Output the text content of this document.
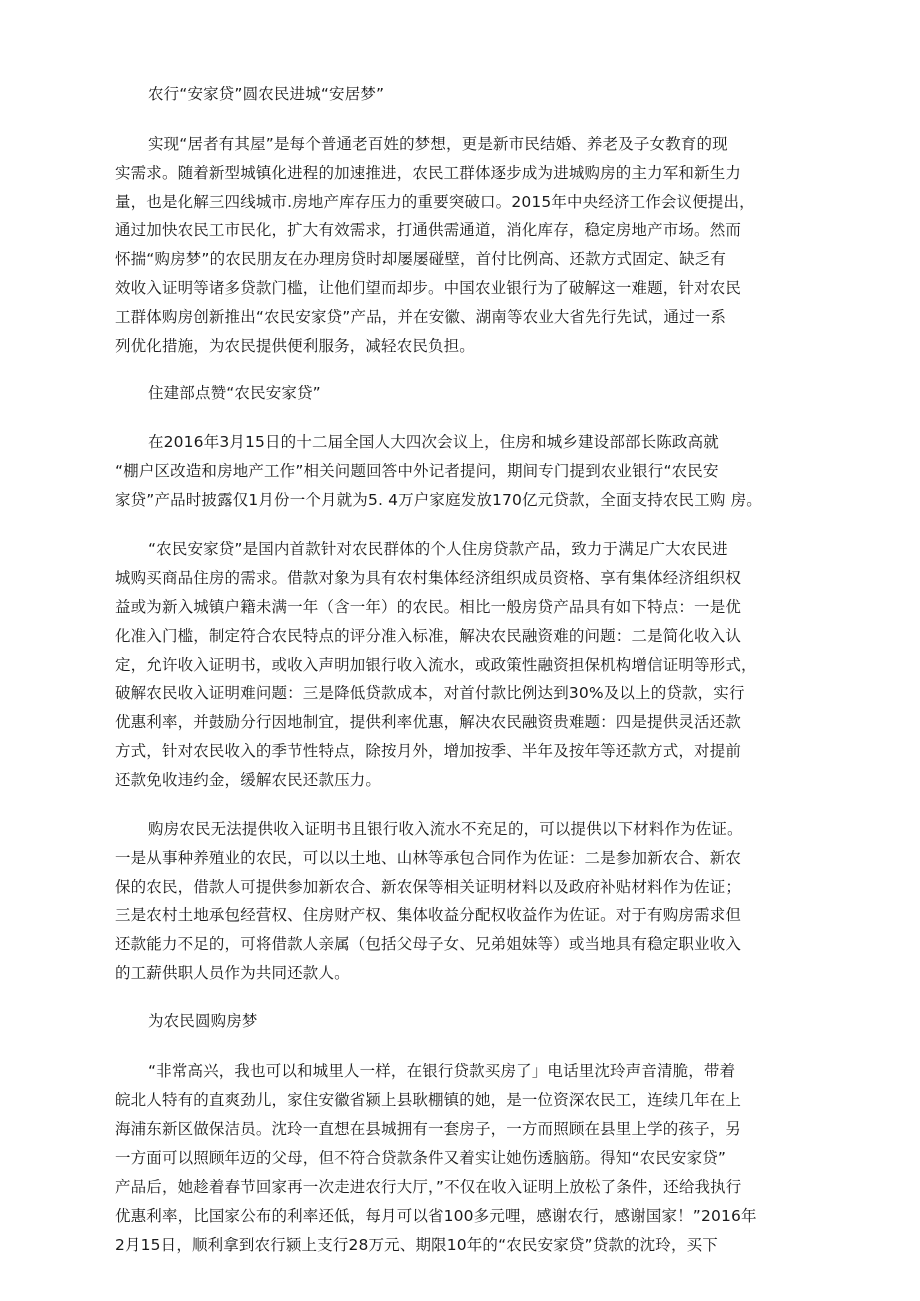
农行“安家贷”圆农民进城“安居梦”
实现“居者有其屋”是每个普通老百姓的梦想，更是新市民结婚、养老及子女教育的现
实需求。随着新型城镇化进程的加速推进，农民工群体逐步成为进城购房的主力军和新生力
量，也是化解三四线城市.房地产库存压力的重要突破口。2015年中央经济工作会议便提出，
通过加快农民工市民化，扩大有效需求，打通供需通道，消化库存，稳定房地产市场。然而
怀揣“购房梦”的农民朋友在办理房贷时却屡屡碰壁，首付比例高、还款方式固定、缺乏有
效收入证明等诸多贷款门槛，让他们望而却步。中国农业银行为了破解这一难题，针对农民
工群体购房创新推出“农民安家贷”产品，并在安徽、湖南等农业大省先行先试，通过一系
列优化措施，为农民提供便利服务，减轻农民负担。
住建部点赞“农民安家贷”
在2016年3月15日的十二届全国人大四次会议上，住房和城乡建设部部长陈政高就
“棚户区改造和房地产工作”相关问题回答中外记者提问，期间专门提到农业银行“农民安
家贷”产品时披露仅1月份一个月就为5. 4万户家庭发放170亿元贷款，全面支持农民工购 房。
“农民安家贷”是国内首款针对农民群体的个人住房贷款产品，致力于满足广大农民进
城购买商品住房的需求。借款对象为具有农村集体经济组织成员资格、享有集体经济组织权
益或为新入城镇户籍未满一年（含一年）的农民。相比一般房贷产品具有如下特点：一是优
化准入门槛，制定符合农民特点的评分准入标准，解决农民融资难的问题：二是简化收入认
定，允许收入证明书，或收入声明加银行收入流水，或政策性融资担保机构增信证明等形式，
破解农民收入证明难问题：三是降低贷款成本，对首付款比例达到30%及以上的贷款，实行
优惠利率，并鼓励分行因地制宜，提供利率优惠，解决农民融资贵难题：四是提供灵活还款
方式，针对农民收入的季节性特点，除按月外，增加按季、半年及按年等还款方式，对提前
还款免收违约金，缓解农民还款压力。
购房农民无法提供收入证明书且银行收入流水不充足的，可以提供以下材料作为佐证。
一是从事种养殖业的农民，可以以土地、山林等承包合同作为佐证：二是参加新农合、新农
保的农民，借款人可提供参加新农合、新农保等相关证明材料以及政府补贴材料作为佐证；
三是农村土地承包经营权、住房财产权、集体收益分配权收益作为佐证。对于有购房需求但
还款能力不足的，可将借款人亲属（包括父母子女、兄弟姐妹等）或当地具有稳定职业收入
的工薪供职人员作为共同还款人。
为农民圆购房梦
“非常高兴，我也可以和城里人一样，在银行贷款买房了」电话里沈玲声音清脆，带着
皖北人特有的直爽劲儿，家住安徽省颍上县耿棚镇的她，是一位资深农民工，连续几年在上
海浦东新区做保洁员。沈玲一直想在县城拥有一套房子，一方而照顾在县里上学的孩子，另
一方面可以照顾年迈的父母，但不符合贷款条件又着实让她伤透脑筋。得知“农民安家贷”
产品后，她趁着春节回家再一次走进农行大厅，”不仅在收入证明上放松了条件，还给我执行
优惠利率，比国家公布的利率还低，每月可以省100多元哩，感谢农行，感谢国家！”2016年
2月15日，顺利拿到农行颍上支行28万元、期限10年的“农民安家贷”贷款的沈玲，买下
